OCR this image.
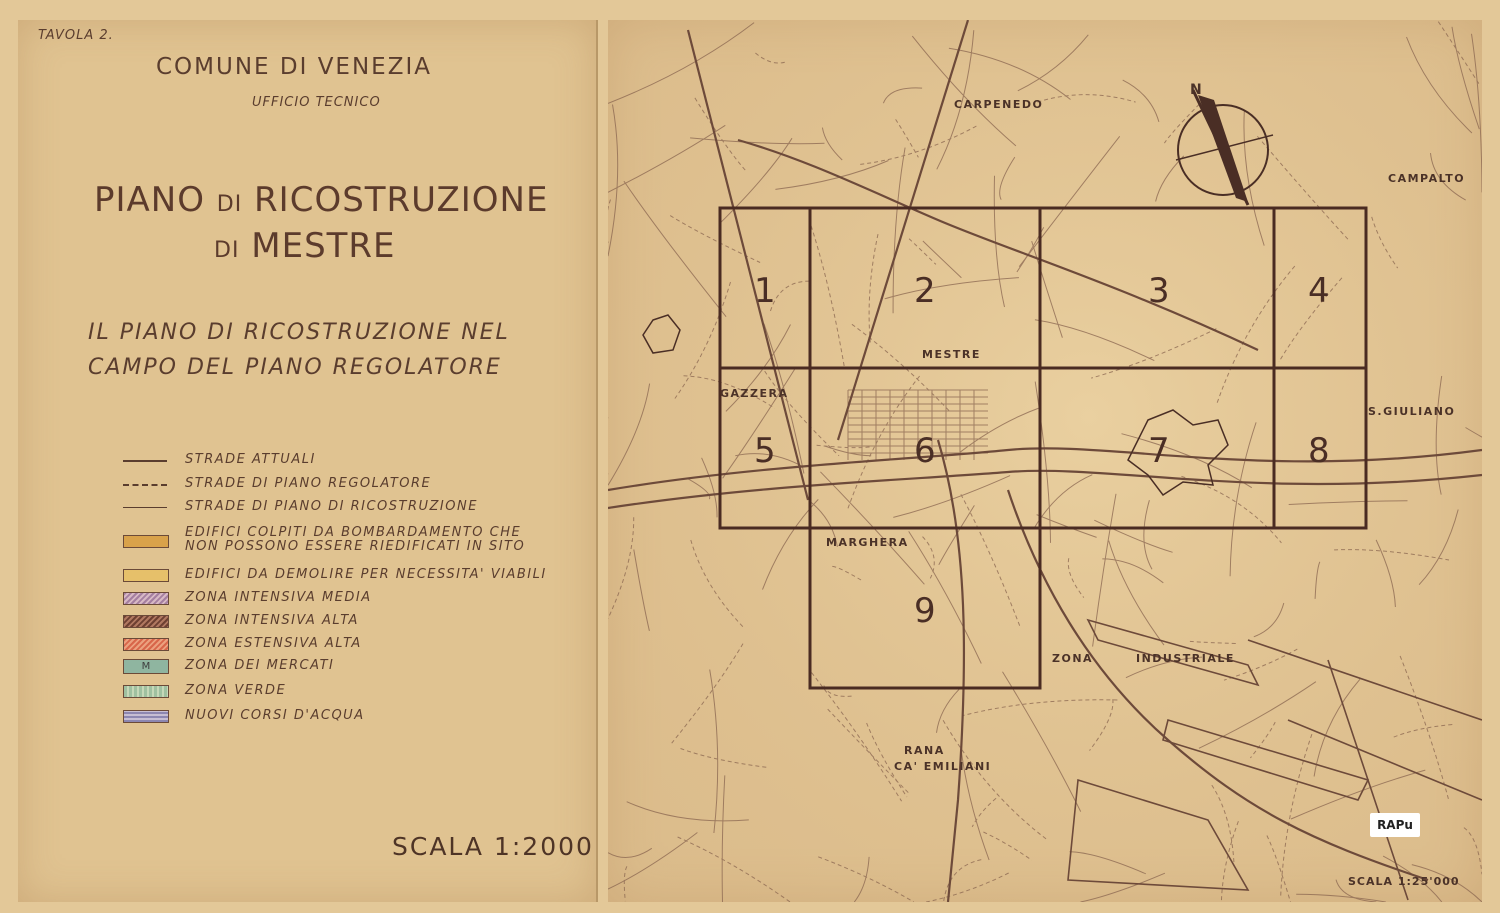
TAVOLA 2.
COMUNE DI VENEZIA
UFFICIO TECNICO
PIANO DI RICOSTRUZIONE
DI MESTRE
IL PIANO DI RICOSTRUZIONE NEL
CAMPO DEL PIANO REGOLATORE
STRADE ATTUALI
STRADE DI PIANO REGOLATORE
STRADE DI PIANO DI RICOSTRUZIONE
EDIFICI COLPITI DA BOMBARDAMENTO CHE
NON POSSONO ESSERE RIEDIFICATI IN SITO
EDIFICI DA DEMOLIRE PER NECESSITA' VIABILI
ZONA INTENSIVA MEDIA
ZONA INTENSIVA ALTA
ZONA ESTENSIVA ALTA
M	ZONA DEI MERCATI
ZONA VERDE
NUOVI CORSI D'ACQUA
SCALA 1:2000
N
CARPENEDO
CAMPALTO
MESTRE
GAZZERA
S.GIULIANO
MARGHERA
ZONA	INDUSTRIALE
RANA
CA' EMILIANI
1	2	3	4
5	6	7	8
9
RAPu
SCALA 1:25'000
